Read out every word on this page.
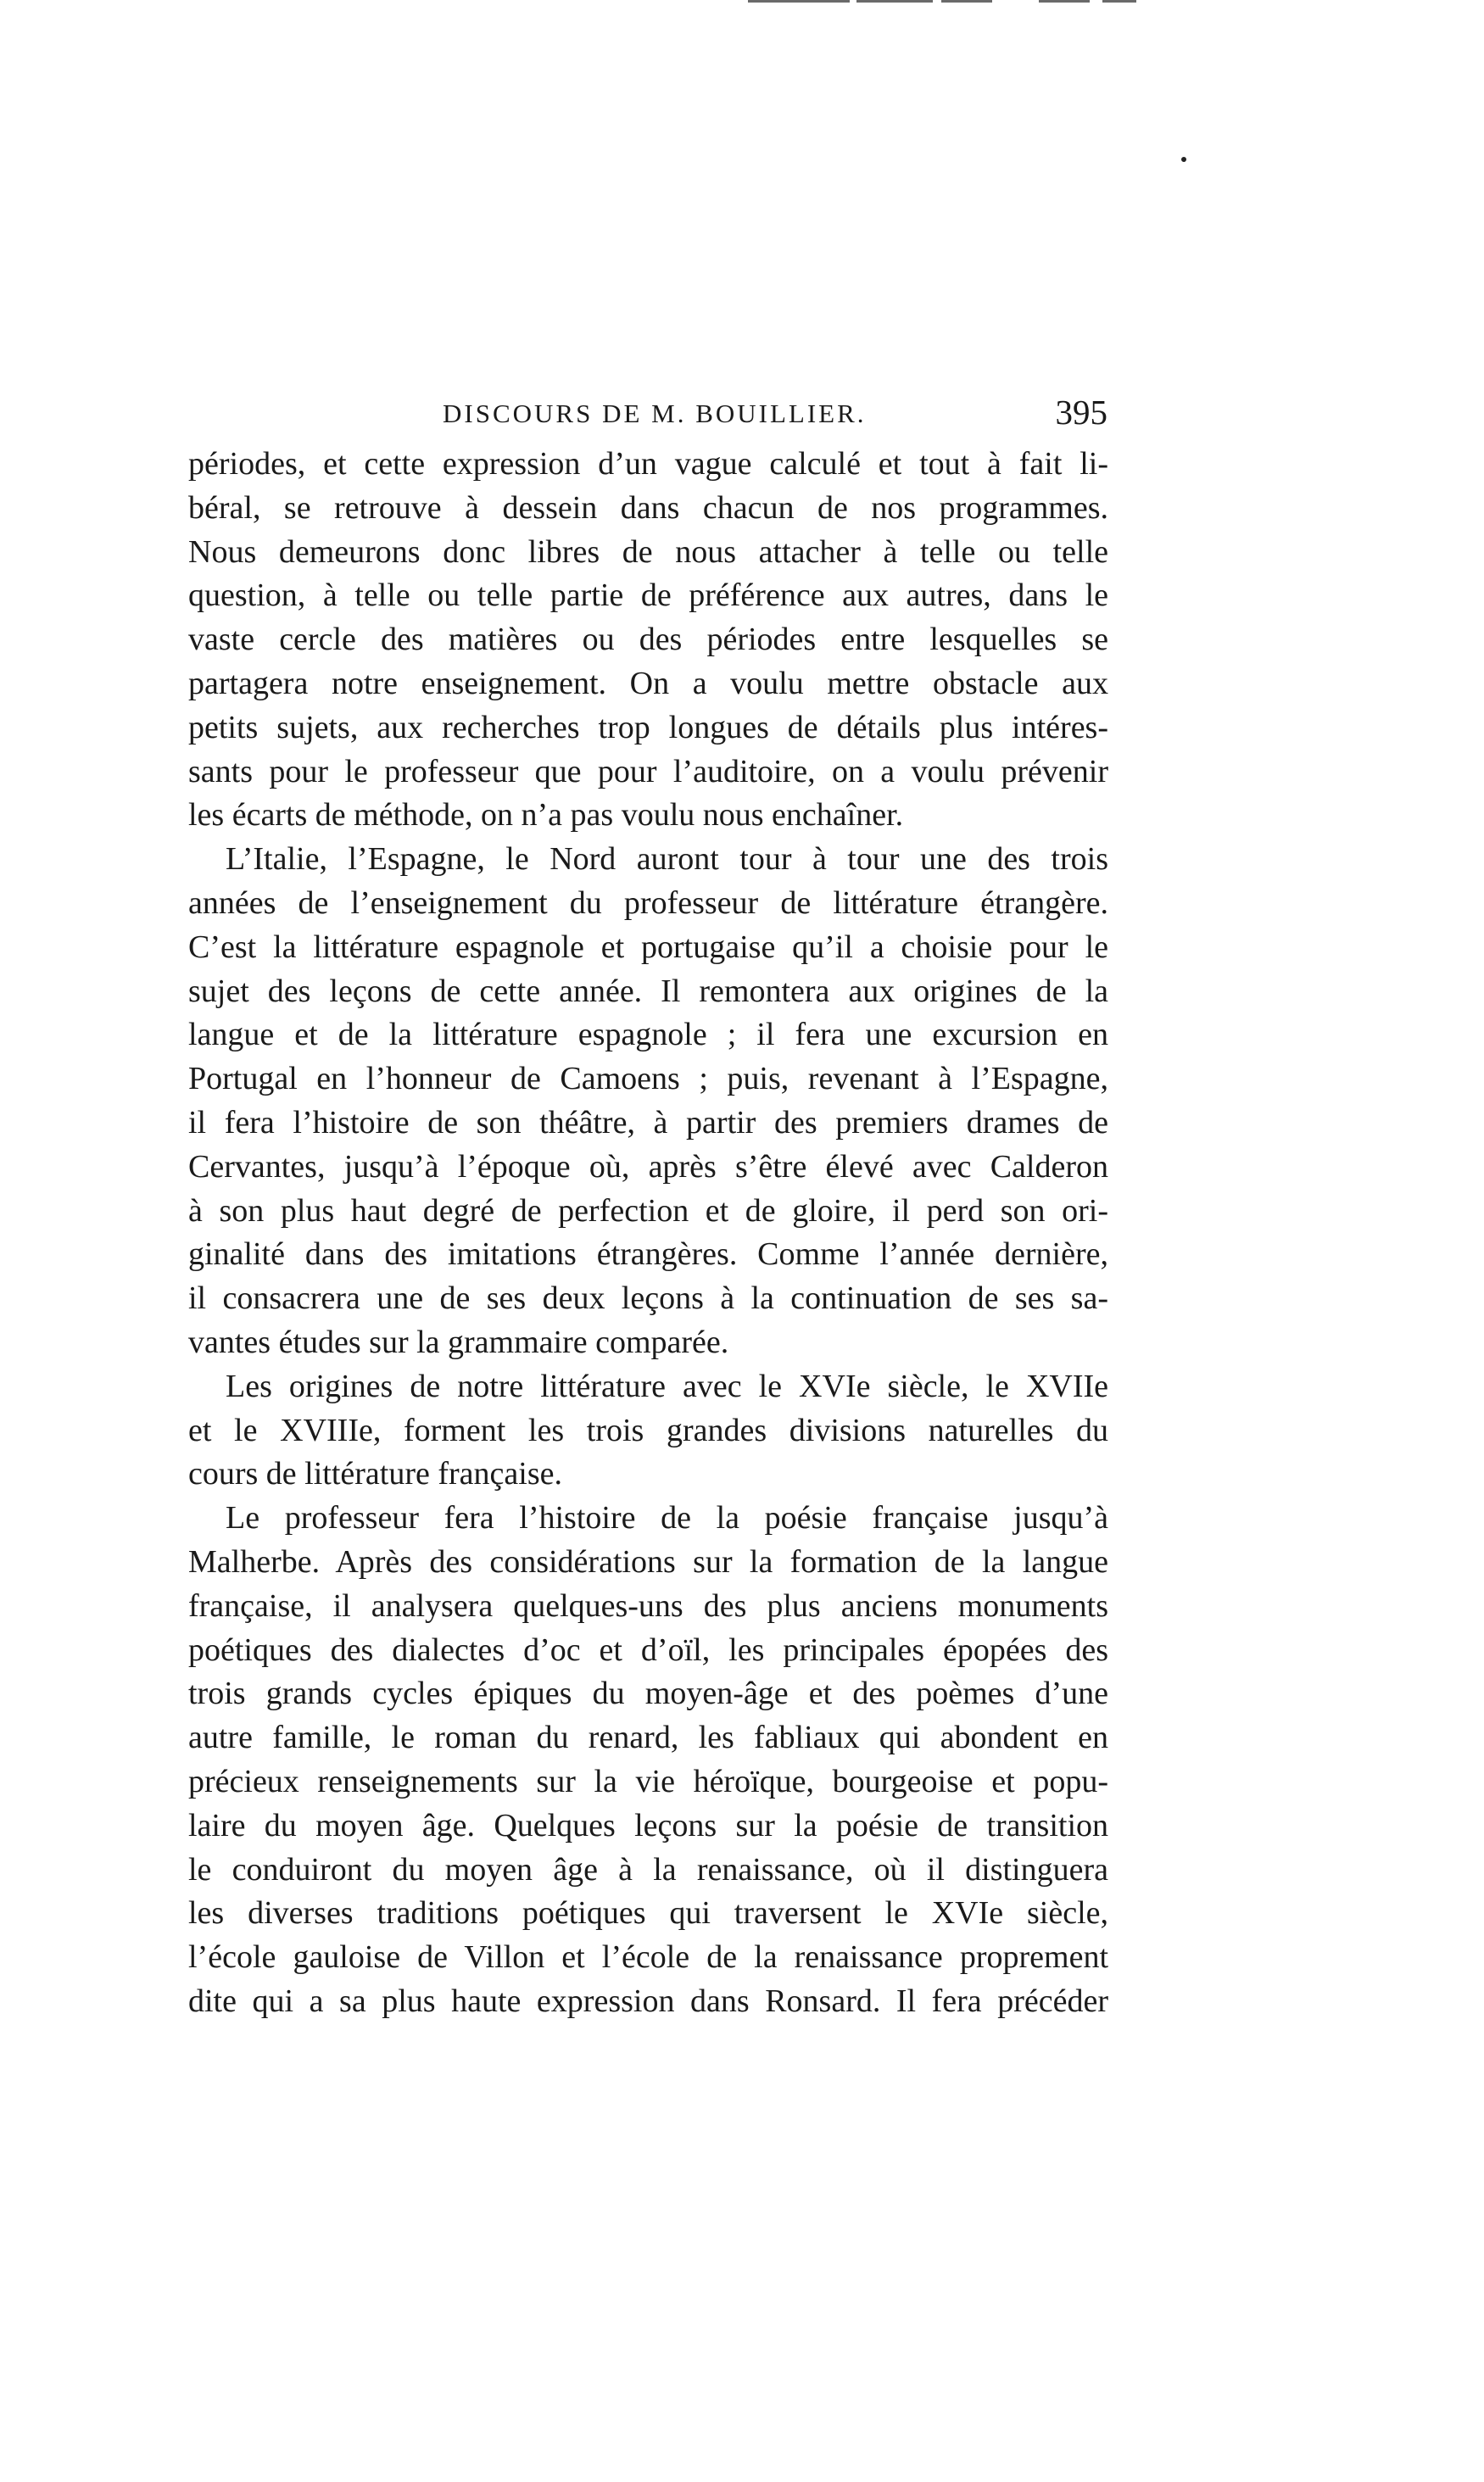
DISCOURS DE M. BOUILLIER.	395
périodes, et cette expression d’un vague calculé et tout à fait li-
béral, se retrouve à dessein dans chacun de nos programmes.
Nous demeurons donc libres de nous attacher à telle ou telle
question, à telle ou telle partie de préférence aux autres, dans le
vaste cercle des matières ou des périodes entre lesquelles se
partagera notre enseignement. On a voulu mettre obstacle aux
petits sujets, aux recherches trop longues de détails plus intéres-
sants pour le professeur que pour l’auditoire, on a voulu prévenir
les écarts de méthode, on n’a pas voulu nous enchaîner.
L’Italie, l’Espagne, le Nord auront tour à tour une des trois
années de l’enseignement du professeur de littérature étrangère.
C’est la littérature espagnole et portugaise qu’il a choisie pour le
sujet des leçons de cette année. Il remontera aux origines de la
langue et de la littérature espagnole ; il fera une excursion en
Portugal en l’honneur de Camoens ; puis, revenant à l’Espagne,
il fera l’histoire de son théâtre, à partir des premiers drames de
Cervantes, jusqu’à l’époque où, après s’être élevé avec Calderon
à son plus haut degré de perfection et de gloire, il perd son ori-
ginalité dans des imitations étrangères. Comme l’année dernière,
il consacrera une de ses deux leçons à la continuation de ses sa-
vantes études sur la grammaire comparée.
Les origines de notre littérature avec le XVIe siècle, le XVIIe
et le XVIIIe, forment les trois grandes divisions naturelles du
cours de littérature française.
Le professeur fera l’histoire de la poésie française jusqu’à
Malherbe. Après des considérations sur la formation de la langue
française, il analysera quelques-uns des plus anciens monuments
poétiques des dialectes d’oc et d’oïl, les principales épopées des
trois grands cycles épiques du moyen-âge et des poèmes d’une
autre famille, le roman du renard, les fabliaux qui abondent en
précieux renseignements sur la vie héroïque, bourgeoise et popu-
laire du moyen âge. Quelques leçons sur la poésie de transition
le conduiront du moyen âge à la renaissance, où il distinguera
les diverses traditions poétiques qui traversent le XVIe siècle,
l’école gauloise de Villon et l’école de la renaissance proprement
dite qui a sa plus haute expression dans Ronsard. Il fera précéder
